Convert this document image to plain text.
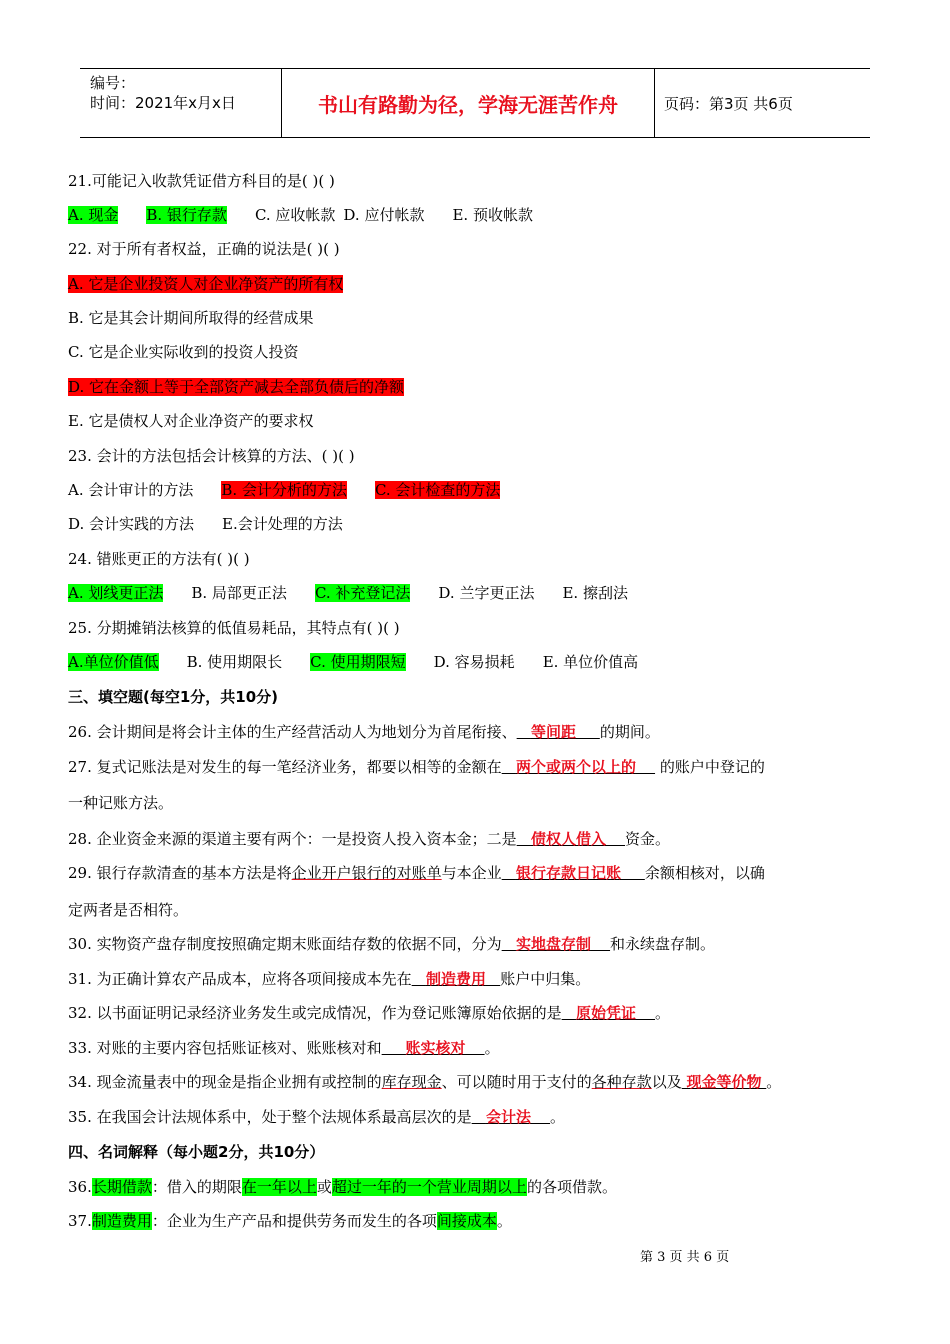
编号：
时间：2021年x月x日	书山有路勤为径，学海无涯苦作舟	页码：第3页 共6页
21.可能记入收款凭证借方科目的是( )( )
A. 现金 B. 银行存款 C. 应收帐款 D. 应付帐款 E. 预收帐款
22. 对于所有者权益，正确的说法是( )( )
A. 它是企业投资人对企业净资产的所有权
B. 它是其会计期间所取得的经营成果
C. 它是企业实际收到的投资人投资
D. 它在金额上等于全部资产减去全部负债后的净额
E. 它是债权人对企业净资产的要求权
23. 会计的方法包括会计核算的方法、( )( )
A. 会计审计的方法 B. 会计分析的方法 C. 会计检查的方法
D. 会计实践的方法 E.会计处理的方法
24. 错账更正的方法有( )( )
A. 划线更正法 B. 局部更正法 C. 补充登记法 D. 兰字更正法 E. 擦刮法
25. 分期摊销法核算的低值易耗品，其特点有( )( )
A.单位价值低 B. 使用期限长 C. 使用期限短 D. 容易损耗 E. 单位价值高
三、填空题(每空1分，共10分)
26. 会计期间是将会计主体的生产经营活动人为地划分为首尾衔接、 等间距 的期间。
27. 复式记账法是对发生的每一笔经济业务，都要以相等的金额在 两个或两个以上的 的账户中登记的
一种记账方法。
28. 企业资金来源的渠道主要有两个：一是投资人投入资本金；二是 债权人借入 资金。
29. 银行存款清查的基本方法是将企业开户银行的对账单与本企业 银行存款日记账 余额相核对，以确
定两者是否相符。
30. 实物资产盘存制度按照确定期末账面结存数的依据不同，分为 实地盘存制 和永续盘存制。
31. 为正确计算农产品成本，应将各项间接成本先在 制造费用 账户中归集。
32. 以书面证明记录经济业务发生或完成情况，作为登记账簿原始依据的是 原始凭证 。
33. 对账的主要内容包括账证核对、账账核对和 账实核对 。
34. 现金流量表中的现金是指企业拥有或控制的库存现金、可以随时用于支付的各种存款以及 现金等价物 。
35. 在我国会计法规体系中，处于整个法规体系最高层次的是 会计法 。
四、名词解释（每小题2分，共10分）
36.长期借款：借入的期限在一年以上或超过一年的一个营业周期以上的各项借款。
37.制造费用：企业为生产产品和提供劳务而发生的各项间接成本。
第 3 页 共 6 页
